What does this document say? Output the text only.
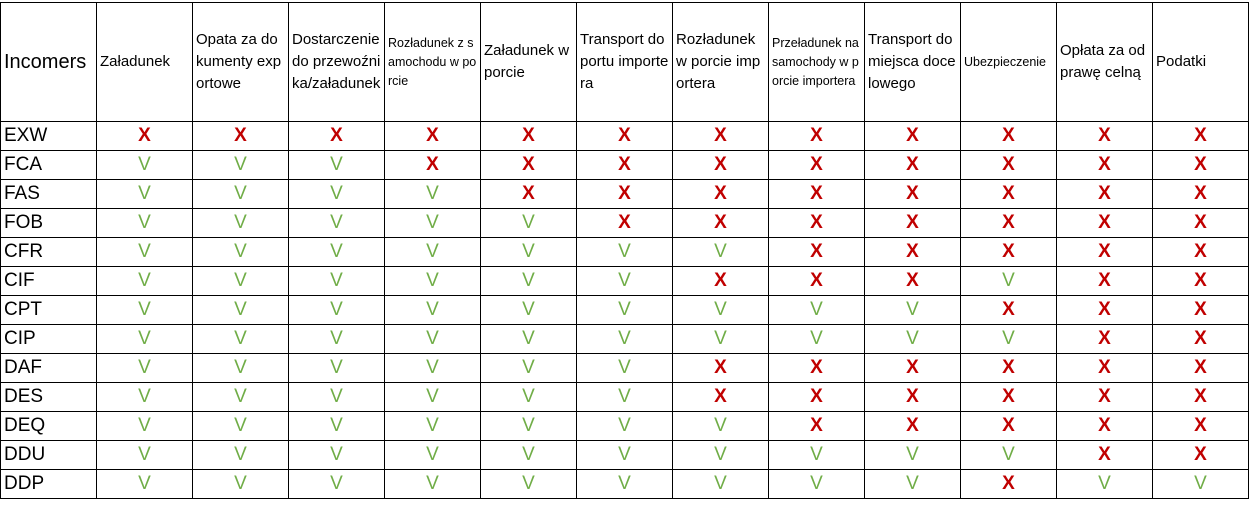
Incomers	Załadunek	Opata za dokumenty exportowe	Dostarczenie do przewoźnika/załadunek	Rozładunek z samochodu w porcie	Załadunek w porcie	Transport do portu importera	Rozładunek w porcie importera	Przeładunek na samochody w porcie importera	Transport do miejsca docelowego	Ubezpieczenie	Opłata za odprawę celną	Podatki
EXW	X	X	X	X	X	X	X	X	X	X	X	X
FCA	V	V	V	X	X	X	X	X	X	X	X	X
FAS	V	V	V	V	X	X	X	X	X	X	X	X
FOB	V	V	V	V	V	X	X	X	X	X	X	X
CFR	V	V	V	V	V	V	V	X	X	X	X	X
CIF	V	V	V	V	V	V	X	X	X	V	X	X
CPT	V	V	V	V	V	V	V	V	V	X	X	X
CIP	V	V	V	V	V	V	V	V	V	V	X	X
DAF	V	V	V	V	V	V	X	X	X	X	X	X
DES	V	V	V	V	V	V	X	X	X	X	X	X
DEQ	V	V	V	V	V	V	V	X	X	X	X	X
DDU	V	V	V	V	V	V	V	V	V	V	X	X
DDP	V	V	V	V	V	V	V	V	V	X	V	V
